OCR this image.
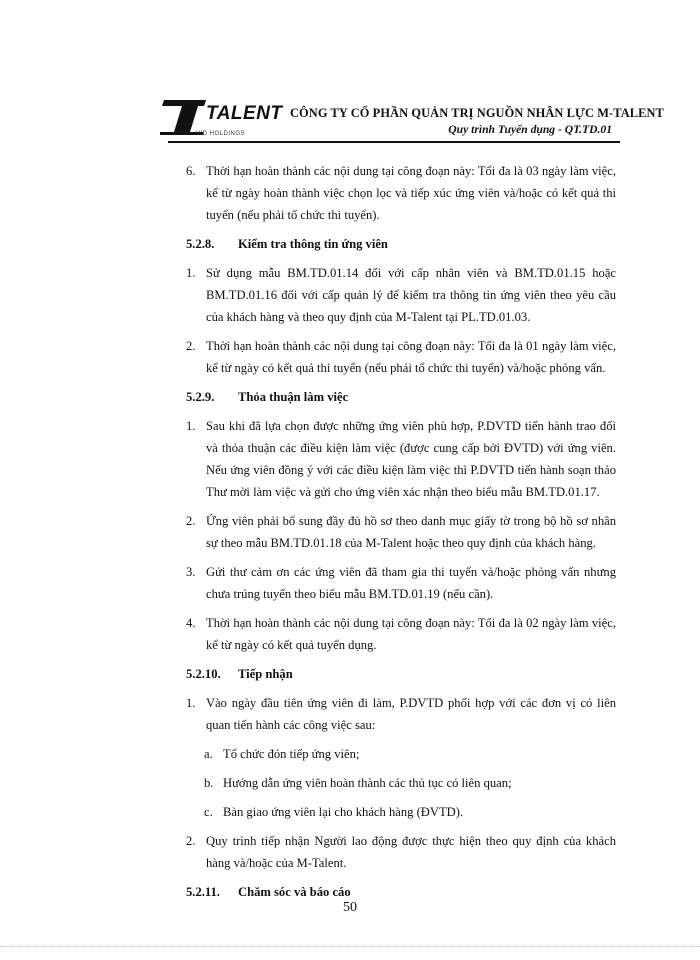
TALENT
VID HOLDINGS
CÔNG TY CỔ PHẦN QUẢN TRỊ NGUỒN NHÂN LỰC M-TALENT
Quy trình Tuyển dụng - QT.TD.01
6. Thời hạn hoàn thành các nội dung tại công đoạn này: Tối đa là 03 ngày làm việc, kể từ ngày hoàn thành việc chọn lọc và tiếp xúc ứng viên và/hoặc có kết quả thi tuyển (nếu phải tổ chức thi tuyển).
5.2.8. Kiểm tra thông tin ứng viên
1. Sử dụng mẫu BM.TD.01.14 đối với cấp nhân viên và BM.TD.01.15 hoặc BM.TD.01.16 đối với cấp quản lý để kiểm tra thông tin ứng viên theo yêu cầu của khách hàng và theo quy định của M-Talent tại PL.TD.01.03.
2. Thời hạn hoàn thành các nội dung tại công đoạn này: Tối đa là 01 ngày làm việc, kể từ ngày có kết quả thi tuyển (nếu phải tổ chức thi tuyển) và/hoặc phỏng vấn.
5.2.9. Thỏa thuận làm việc
1. Sau khi đã lựa chọn được những ứng viên phù hợp, P.DVTD tiến hành trao đổi và thỏa thuận các điều kiện làm việc (được cung cấp bởi ĐVTD) với ứng viên. Nếu ứng viên đồng ý với các điều kiện làm việc thì P.DVTD tiến hành soạn thảo Thư mời làm việc và gửi cho ứng viên xác nhận theo biểu mẫu BM.TD.01.17.
2. Ứng viên phải bổ sung đầy đủ hồ sơ theo danh mục giấy tờ trong bộ hồ sơ nhân sự theo mẫu BM.TD.01.18 của M-Talent hoặc theo quy định của khách hàng.
3. Gửi thư cảm ơn các ứng viên đã tham gia thi tuyển và/hoặc phỏng vấn nhưng chưa trúng tuyển theo biểu mẫu BM.TD.01.19 (nếu cần).
4. Thời hạn hoàn thành các nội dung tại công đoạn này: Tối đa là 02 ngày làm việc, kể từ ngày có kết quả tuyển dụng.
5.2.10. Tiếp nhận
1. Vào ngày đầu tiên ứng viên đi làm, P.DVTD phối hợp với các đơn vị có liên quan tiến hành các công việc sau:
a. Tổ chức đón tiếp ứng viên;
b. Hướng dẫn ứng viên hoàn thành các thủ tục có liên quan;
c. Bàn giao ứng viên lại cho khách hàng (ĐVTD).
2. Quy trình tiếp nhận Người lao động được thực hiện theo quy định của khách hàng và/hoặc của M-Talent.
5.2.11. Chăm sóc và báo cáo
50
